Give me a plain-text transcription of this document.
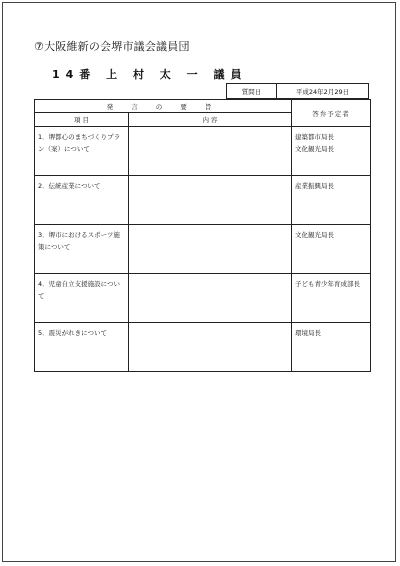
⑦大阪維新の会堺市議会議員団
14番 上 村 太 一 議員
質問日	平成24年2月29日
発 言 の 要 旨		答弁予定者
項 目	内 容	
1．堺都心のまちづくりプラン（案）について		建築都市局長
文化観光局長

2．伝統産業について		産業振興局長

3．堺市におけるスポーツ施策について		文化観光局長

4．児童自立支援施設について		子ども青少年育成部長

5．震災がれきについて		環境局長
